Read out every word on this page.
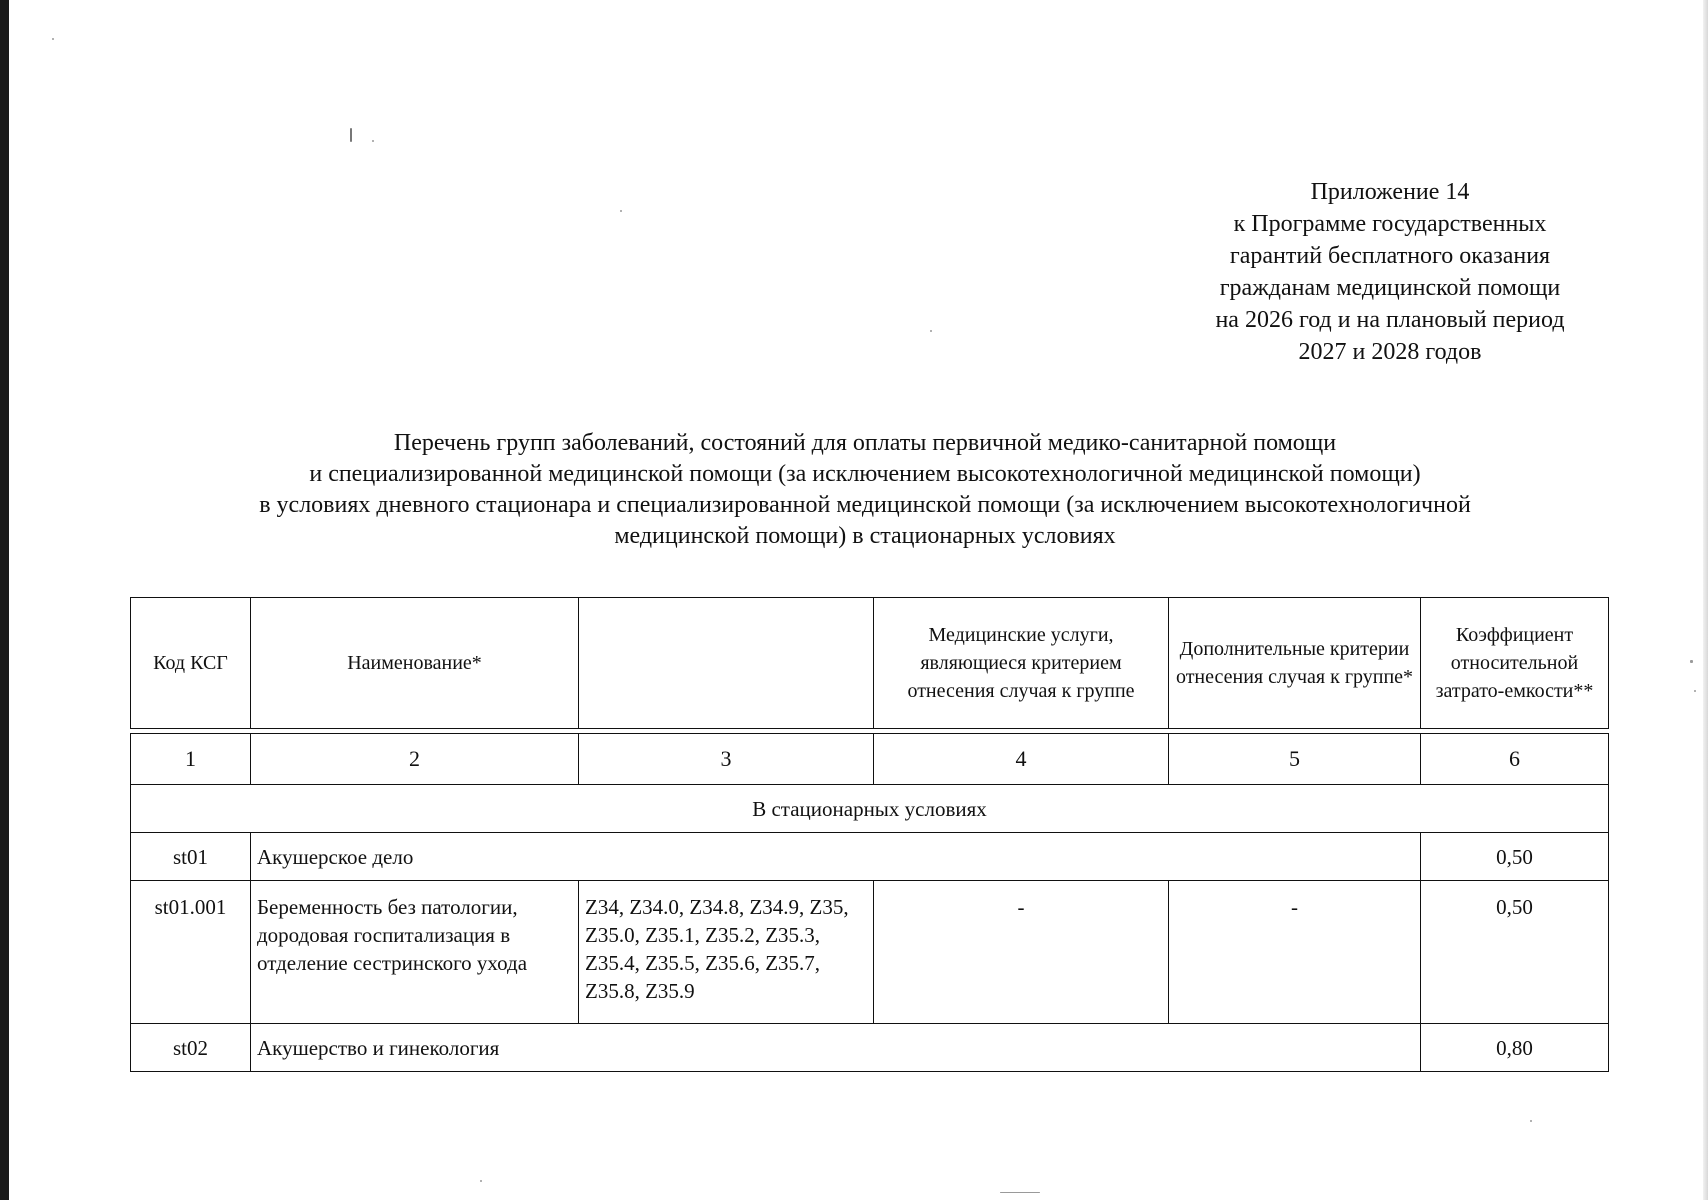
Приложение 14
к Программе государственных
гарантий бесплатного оказания
гражданам медицинской помощи
на 2026 год и на плановый период
2027 и 2028 годов
Перечень групп заболеваний, состояний для оплаты первичной медико-санитарной помощи
и специализированной медицинской помощи (за исключением высокотехнологичной медицинской помощи)
в условиях дневного стационара и специализированной медицинской помощи (за исключением высокотехнологичной
медицинской помощи) в стационарных условиях
Код КСГ	Наименование*		Медицинские услуги, являющиеся критерием отнесения случая к группе	Дополнительные критерии отнесения случая к группе*	Коэффициент относительной затрато-емкости**

1	2	3	4	5	6
В стационарных условиях					
st01	Акушерское дело				0,50
st01.001	Беременность без патологии, дородовая госпитализация в отделение сестринского ухода	Z34, Z34.0, Z34.8, Z34.9, Z35, Z35.0, Z35.1, Z35.2, Z35.3, Z35.4, Z35.5, Z35.6, Z35.7, Z35.8, Z35.9	-	-	0,50
st02	Акушерство и гинекология				0,80
